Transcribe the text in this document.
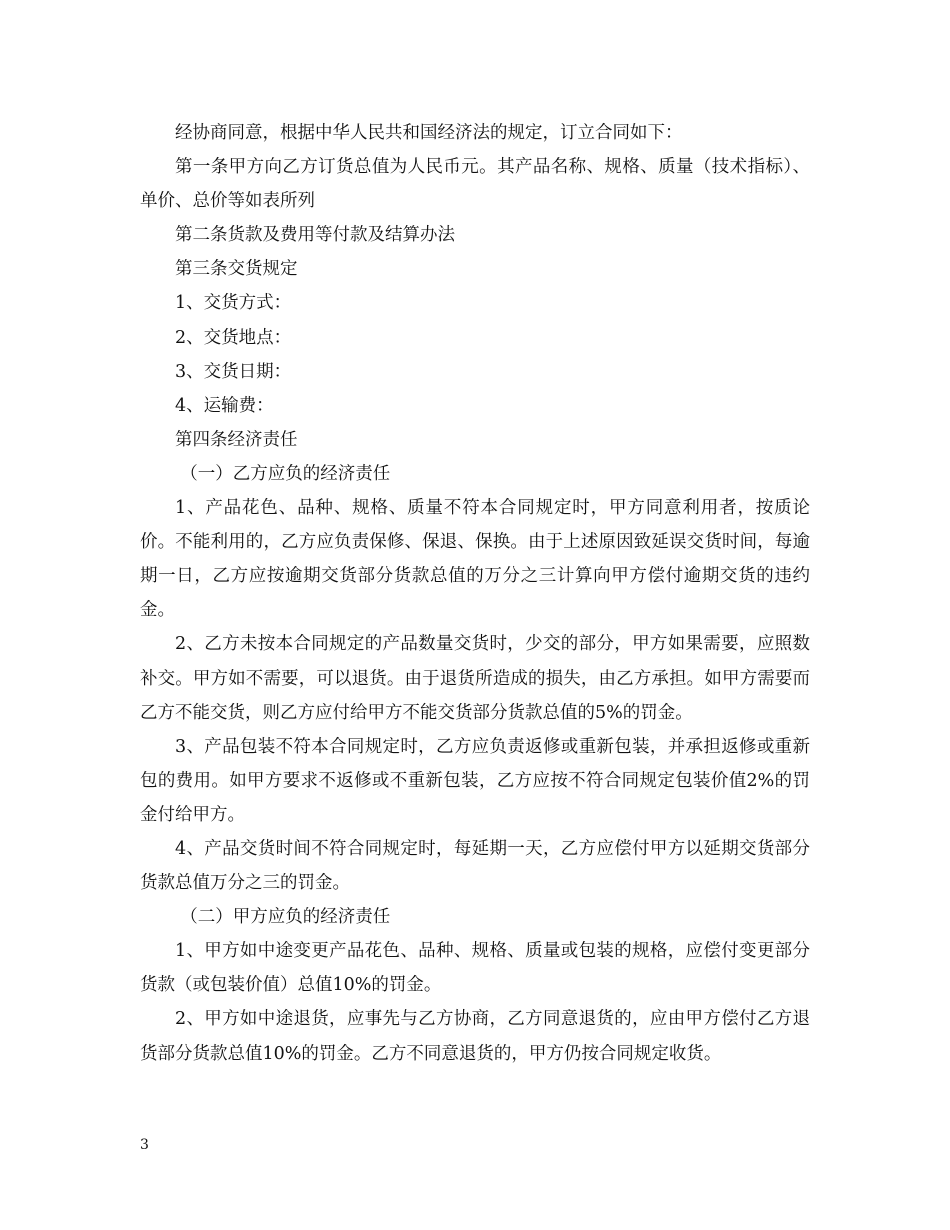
经协商同意，根据中华人民共和国经济法的规定，订立合同如下：

第一条甲方向乙方订货总值为人民币元。其产品名称、规格、质量（技术指标）、单价、总价等如表所列

第二条货款及费用等付款及结算办法

第三条交货规定

1、交货方式：

2、交货地点：

3、交货日期：

4、运输费：

第四条经济责任

（一）乙方应负的经济责任

1、产品花色、品种、规格、质量不符本合同规定时，甲方同意利用者，按质论价。不能利用的，乙方应负责保修、保退、保换。由于上述原因致延误交货时间，每逾期一日，乙方应按逾期交货部分货款总值的万分之三计算向甲方偿付逾期交货的违约金。

2、乙方未按本合同规定的产品数量交货时，少交的部分，甲方如果需要，应照数补交。甲方如不需要，可以退货。由于退货所造成的损失，由乙方承担。如甲方需要而乙方不能交货，则乙方应付给甲方不能交货部分货款总值的5%的罚金。

3、产品包装不符本合同规定时，乙方应负责返修或重新包装，并承担返修或重新包的费用。如甲方要求不返修或不重新包装，乙方应按不符合同规定包装价值2%的罚金付给甲方。

4、产品交货时间不符合同规定时，每延期一天，乙方应偿付甲方以延期交货部分货款总值万分之三的罚金。

（二）甲方应负的经济责任

1、甲方如中途变更产品花色、品种、规格、质量或包装的规格，应偿付变更部分货款（或包装价值）总值10%的罚金。

2、甲方如中途退货，应事先与乙方协商，乙方同意退货的，应由甲方偿付乙方退货部分货款总值10%的罚金。乙方不同意退货的，甲方仍按合同规定收货。

3
